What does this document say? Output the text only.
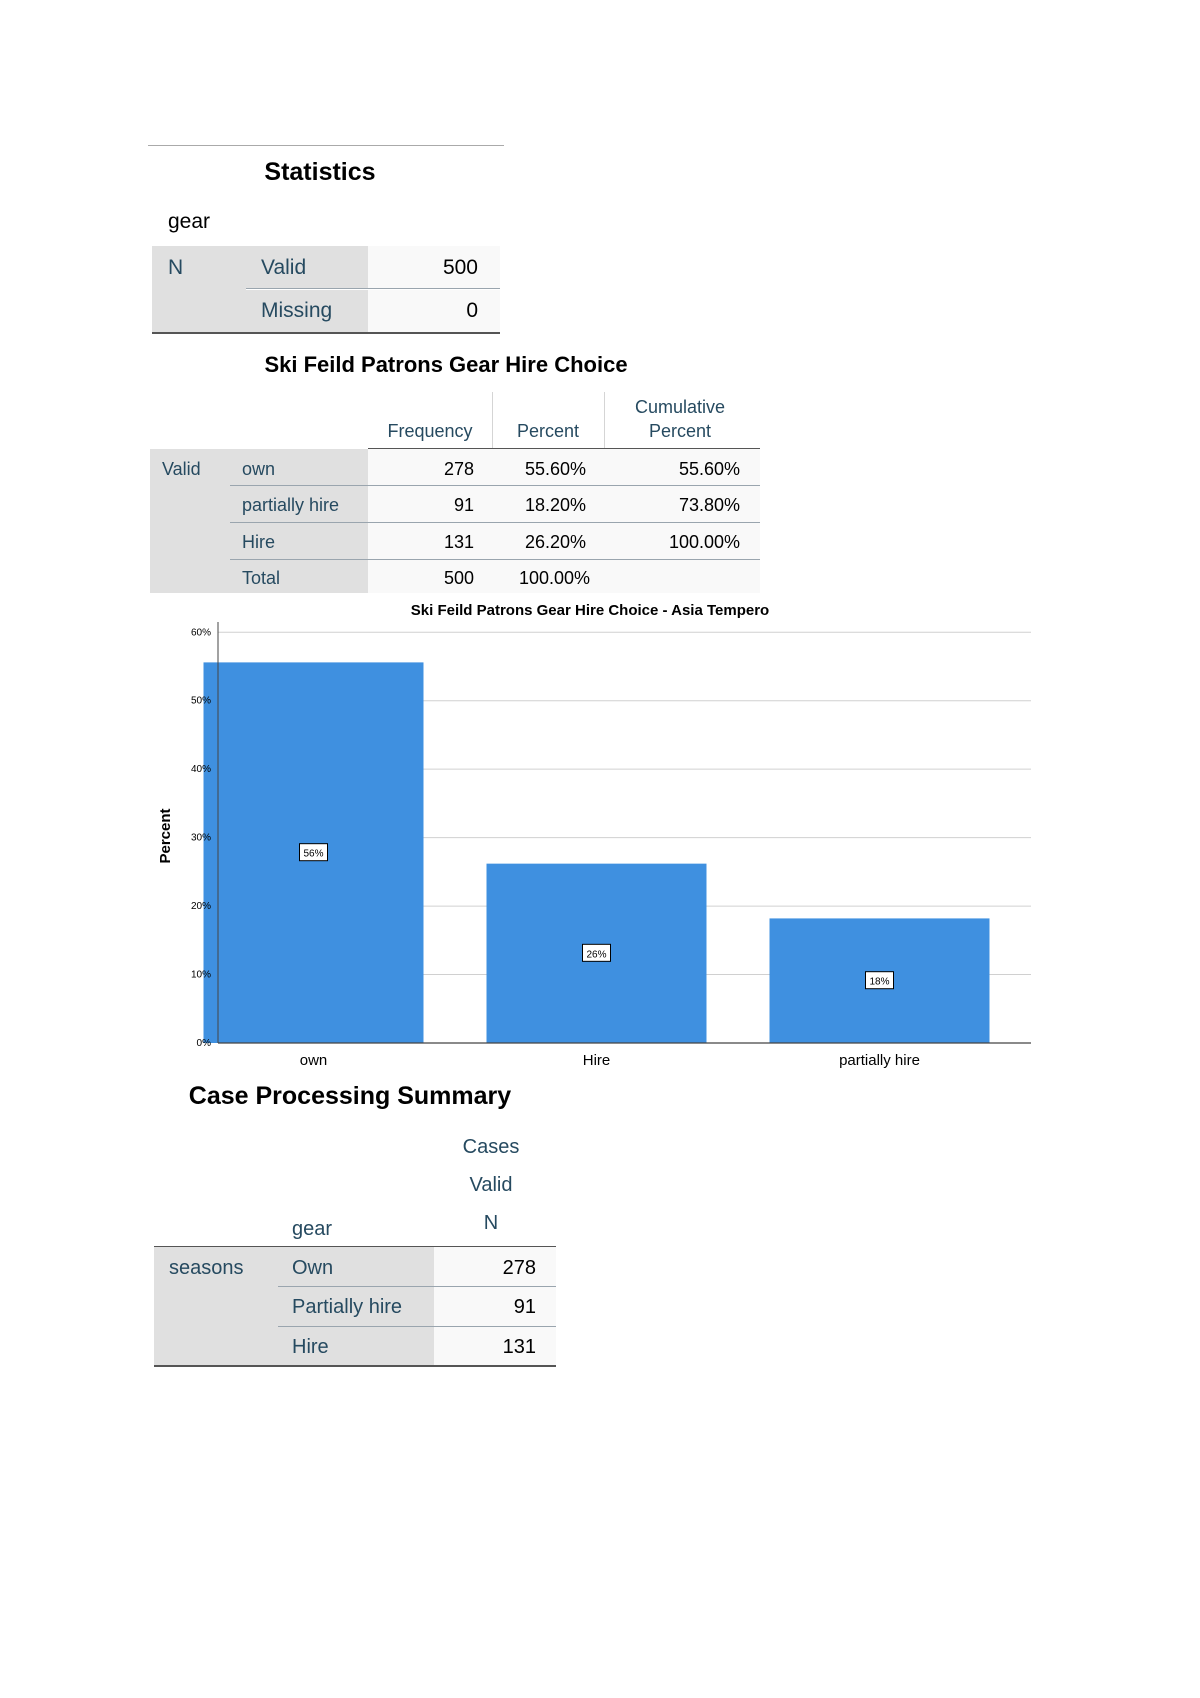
Statistics
gear
N	Valid	500
Missing	0
Ski Feild Patrons Gear Hire Choice
Frequency	Percent
Cumulative
Percent
Valid	own	278	55.60%	55.60%
partially hire	91	18.20%	73.80%
Hire	131	26.20%	100.00%
Total	500	100.00%
Ski Feild Patrons Gear Hire Choice - Asia Tempero
Percent
0%
10%
20%
30%
40%
50%
60%
own	Hire	partially hire
56%
26%
18%
Case Processing Summary
Cases
Valid
N
gear
seasons	Own	278
Partially hire	91
Hire	131
